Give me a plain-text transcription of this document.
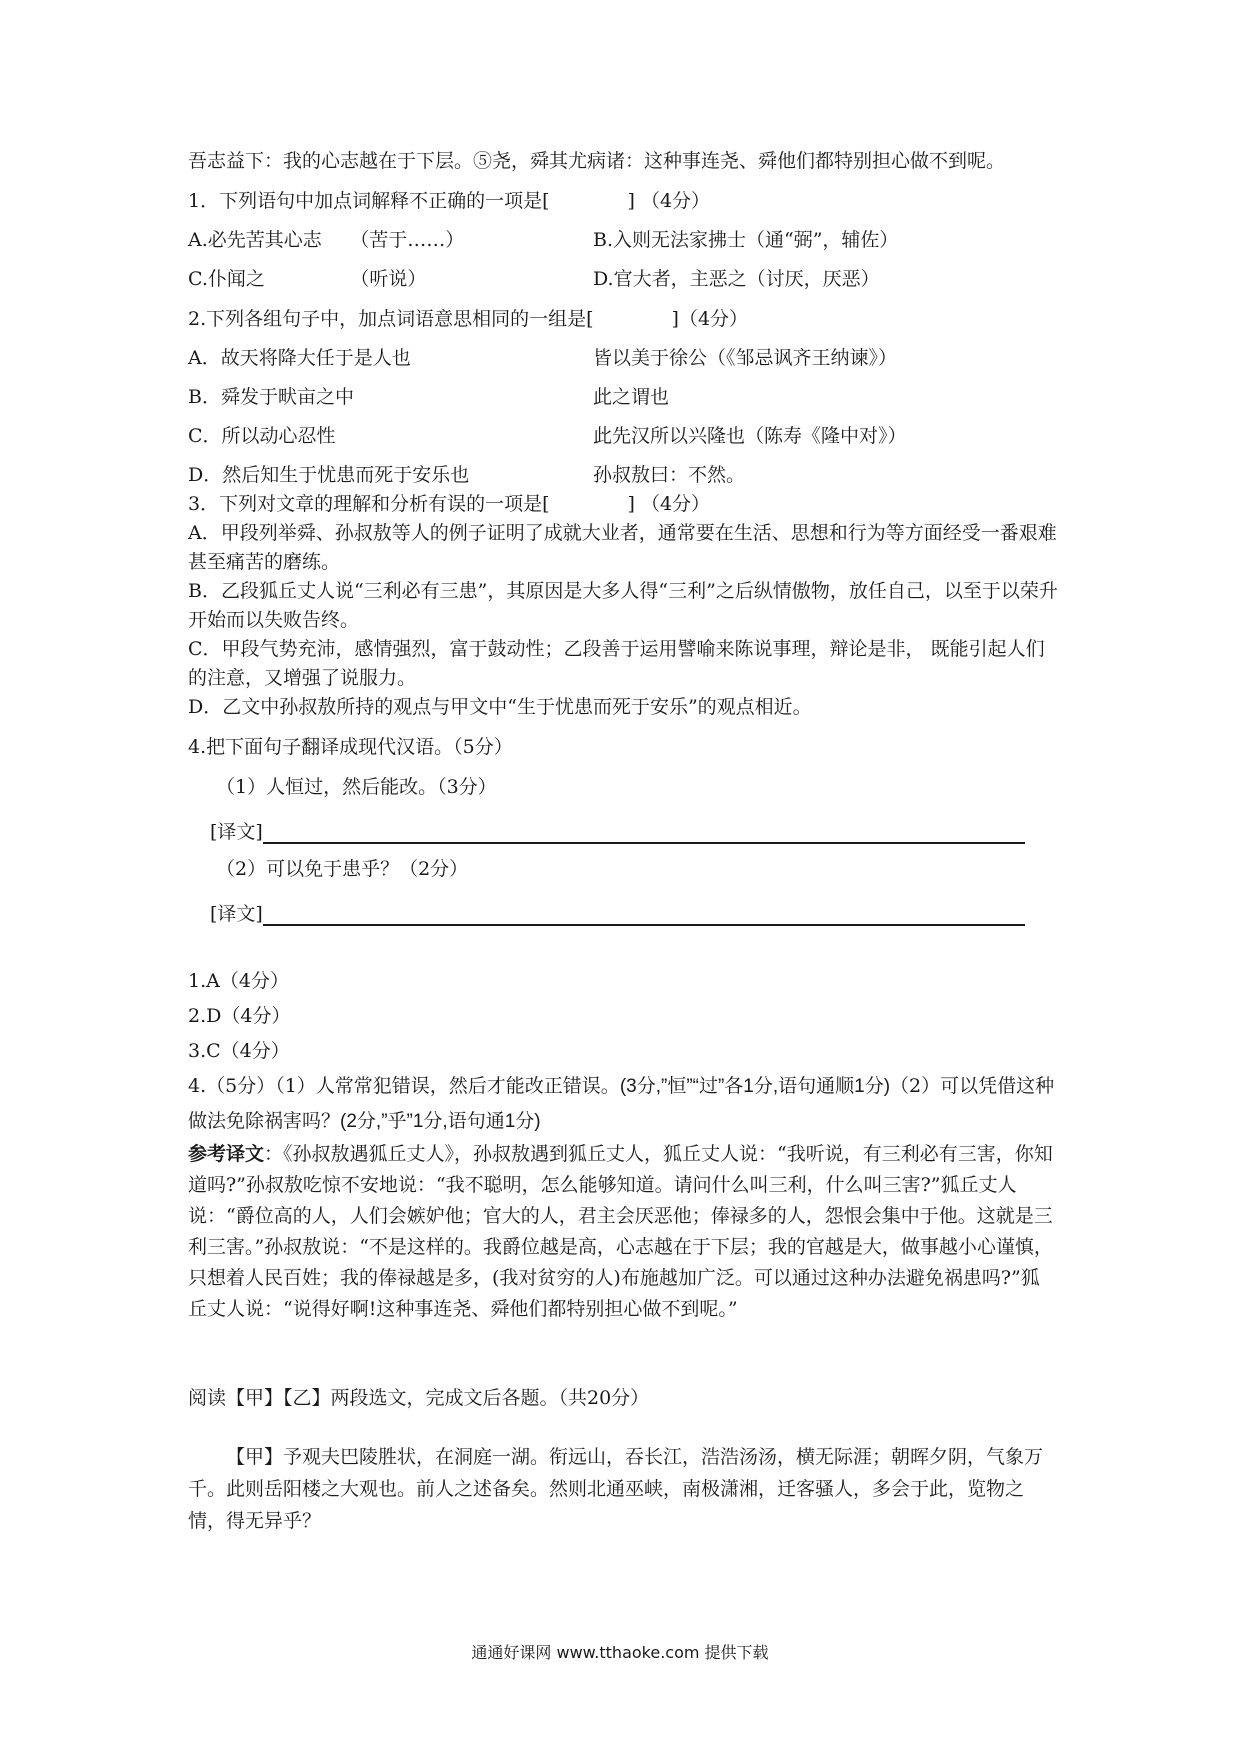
吾志益下：我的心志越在于下层。⑤尧，舜其尤病诸：这种事连尧、舜他们都特别担心做不到呢。

1．下列语句中加点词解释不正确的一项是[	] （4分）

A.必先苦其心志　　（苦于……）	B.入则无法家拂士（通“弼”，辅佐）
C.仆闻之　　　　　（听说）	D.官大者，主恶之（讨厌，厌恶）

2.下列各组句子中，加点词语意思相同的一组是[	]（4分）

A．故天将降大任于是人也	皆以美于徐公（《邹忌讽齐王纳谏》）
B．舜发于畎亩之中	此之谓也
C．所以动心忍性	此先汉所以兴隆也（陈寿《隆中对》）
D．然后知生于忧患而死于安乐也	孙叔敖曰：不然。

3．下列对文章的理解和分析有误的一项是[	] （4分）

A．甲段列举舜、孙叔敖等人的例子证明了成就大业者，通常要在生活、思想和行为等方面经受一番艰难甚至痛苦的磨练。

B．乙段狐丘丈人说“三利必有三患”，其原因是大多人得“三利”之后纵情傲物，放任自己，以至于以荣升开始而以失败告终。

C．甲段气势充沛，感情强烈，富于鼓动性；乙段善于运用譬喻来陈说事理，辩论是非， 既能引起人们的注意，又增强了说服力。

D．乙文中孙叔敖所持的观点与甲文中“生于忧患而死于安乐”的观点相近。

4.把下面句子翻译成现代汉语。（5分）

（1）人恒过，然后能改。（3分）

[译文]

（2）可以免于患乎？（2分）

[译文]

1.A（4分）

2.D（4分）

3.C（4分）

4.（5分）（1）人常常犯错误，然后才能改正错误。(3分,”恒”“过”各1分,语句通顺1分)（2）可以凭借这种做法免除祸害吗？(2分,”乎”1分,语句通1分)

参考译文：《孙叔敖遇狐丘丈人》，孙叔敖遇到狐丘丈人，狐丘丈人说：“我听说，有三利必有三害，你知道吗?”孙叔敖吃惊不安地说：“我不聪明，怎么能够知道。请问什么叫三利，什么叫三害?”狐丘丈人说：“爵位高的人，人们会嫉妒他；官大的人，君主会厌恶他；俸禄多的人，怨恨会集中于他。这就是三利三害。”孙叔敖说：“不是这样的。我爵位越是高，心志越在于下层；我的官越是大，做事越小心谨慎，只想着人民百姓；我的俸禄越是多，(我对贫穷的人)布施越加广泛。可以通过这种办法避免祸患吗?”狐丘丈人说：“说得好啊!这种事连尧、舜他们都特别担心做不到呢。”

阅读【甲】【乙】两段选文，完成文后各题。（共20分）

【甲】予观夫巴陵胜状，在洞庭一湖。衔远山，吞长江，浩浩汤汤，横无际涯；朝晖夕阴，气象万千。此则岳阳楼之大观也。前人之述备矣。然则北通巫峡，南极潇湘，迁客骚人，多会于此，览物之情，得无异乎？

通通好课网 www.tthaoke.com 提供下载
